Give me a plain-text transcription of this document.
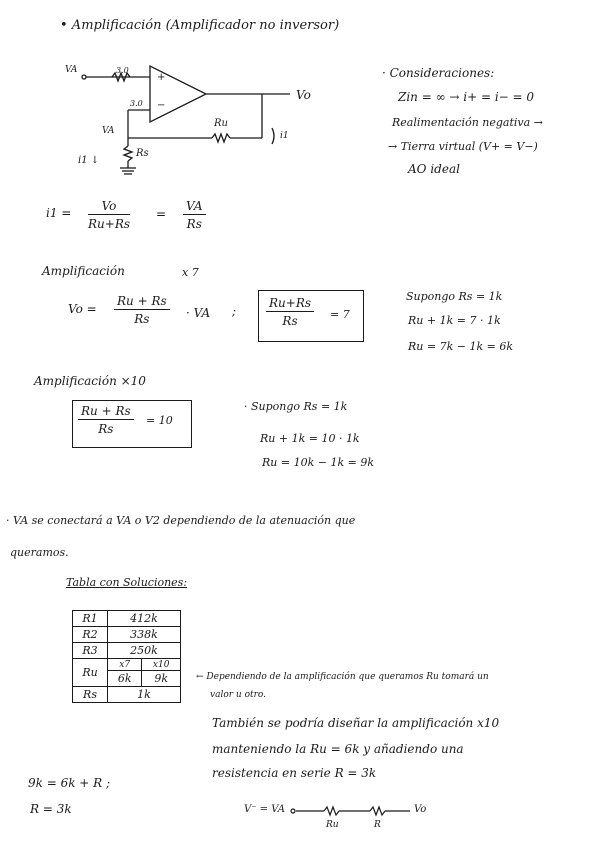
• Amplificación (Amplificador no inversor)
VA	3.0
3.0
+
−
Vo
Ru
i1
VA
Rs
i1 ↓
· Consideraciones:
Zin = ∞ → i+ = i− = 0
Realimentación negativa →
→ Tierra virtual (V+ = V−)
AO ideal
$i1 = \frac{Vo}{Ru+Rs} = \frac{VA}{Rs}$
Amplificación	x 7
$Vo = \frac{Ru + Rs}{Rs}$ · VA ; $\frac{Ru+Rs}{Rs} = 7$
Supongo Rs = 1k
Ru + 1k = 7 · 1k
Ru = 7k − 1k = 6k
Amplificación ×10
$\frac{Ru + Rs}{Rs} = 10$
· Supongo Rs = 1k
Ru + 1k = 10 · 1k
Ru = 10k − 1k = 9k
· VA se conectará a VA o V2 dependiendo de la atenuación que
queramos.
Tabla con Soluciones:
R1	412k	
R2	338k	
R3	250k	
Ru	x7	x10
	6k	9k
Rs	1k	
← Dependiendo de la amplificación que queramos Ru tomará un
valor u otro.
También se podría diseñar la amplificación x10
manteniendo la Ru = 6k y añadiendo una
resistencia en serie R = 3k
9k = 6k + R ;
R = 3k	V⁻ = VA
Ru	R
Vo
